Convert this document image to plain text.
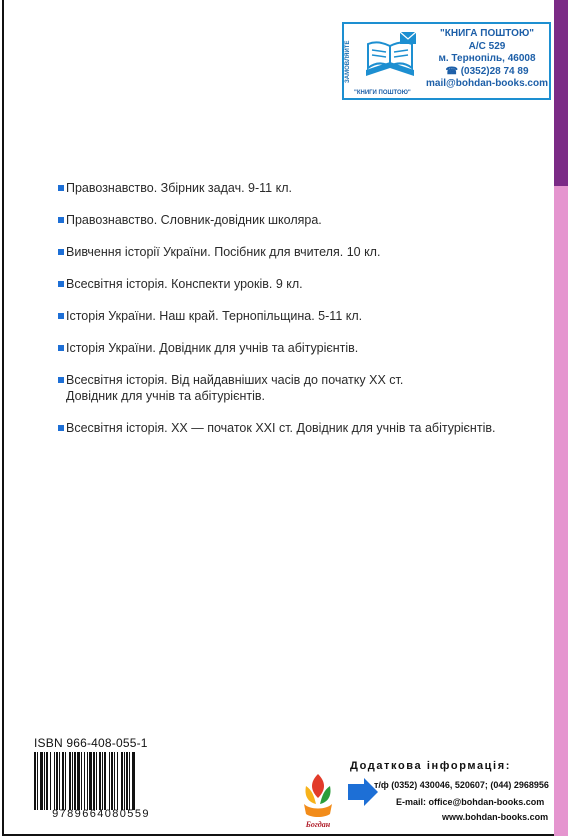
ЗАМОВЛЯЙТЕ
"КНИГА ПОШТОЮ"
А/С 529
м. Тернопіль, 46008
☎ (0352)28 74 89
mail@bohdan-books.com
"КНИГИ ПОШТОЮ"
Правознавство. Збірник задач. 9-11 кл.
Правознавство. Словник-довідник школяра.
Вивчення історії України. Посібник для вчителя. 10 кл.
Всесвітня історія. Конспекти уроків. 9 кл.
Історія України. Наш край. Тернопільщина. 5-11 кл.
Історія України. Довідник для учнів та абітурієнтів.
Всесвітня історія. Від найдавніших часів до початку ХХ ст.
Довідник для учнів та абітурієнтів.
Всесвітня історія. ХХ — початок ХХІ ст. Довідник для учнів та абітурієнтів.
ISBN 966-408-055-1
9789664080559
Богдан
Додаткова інформація:
т/ф (0352) 430046, 520607; (044) 2968956
E-mail: office@bohdan-books.com
www.bohdan-books.com
